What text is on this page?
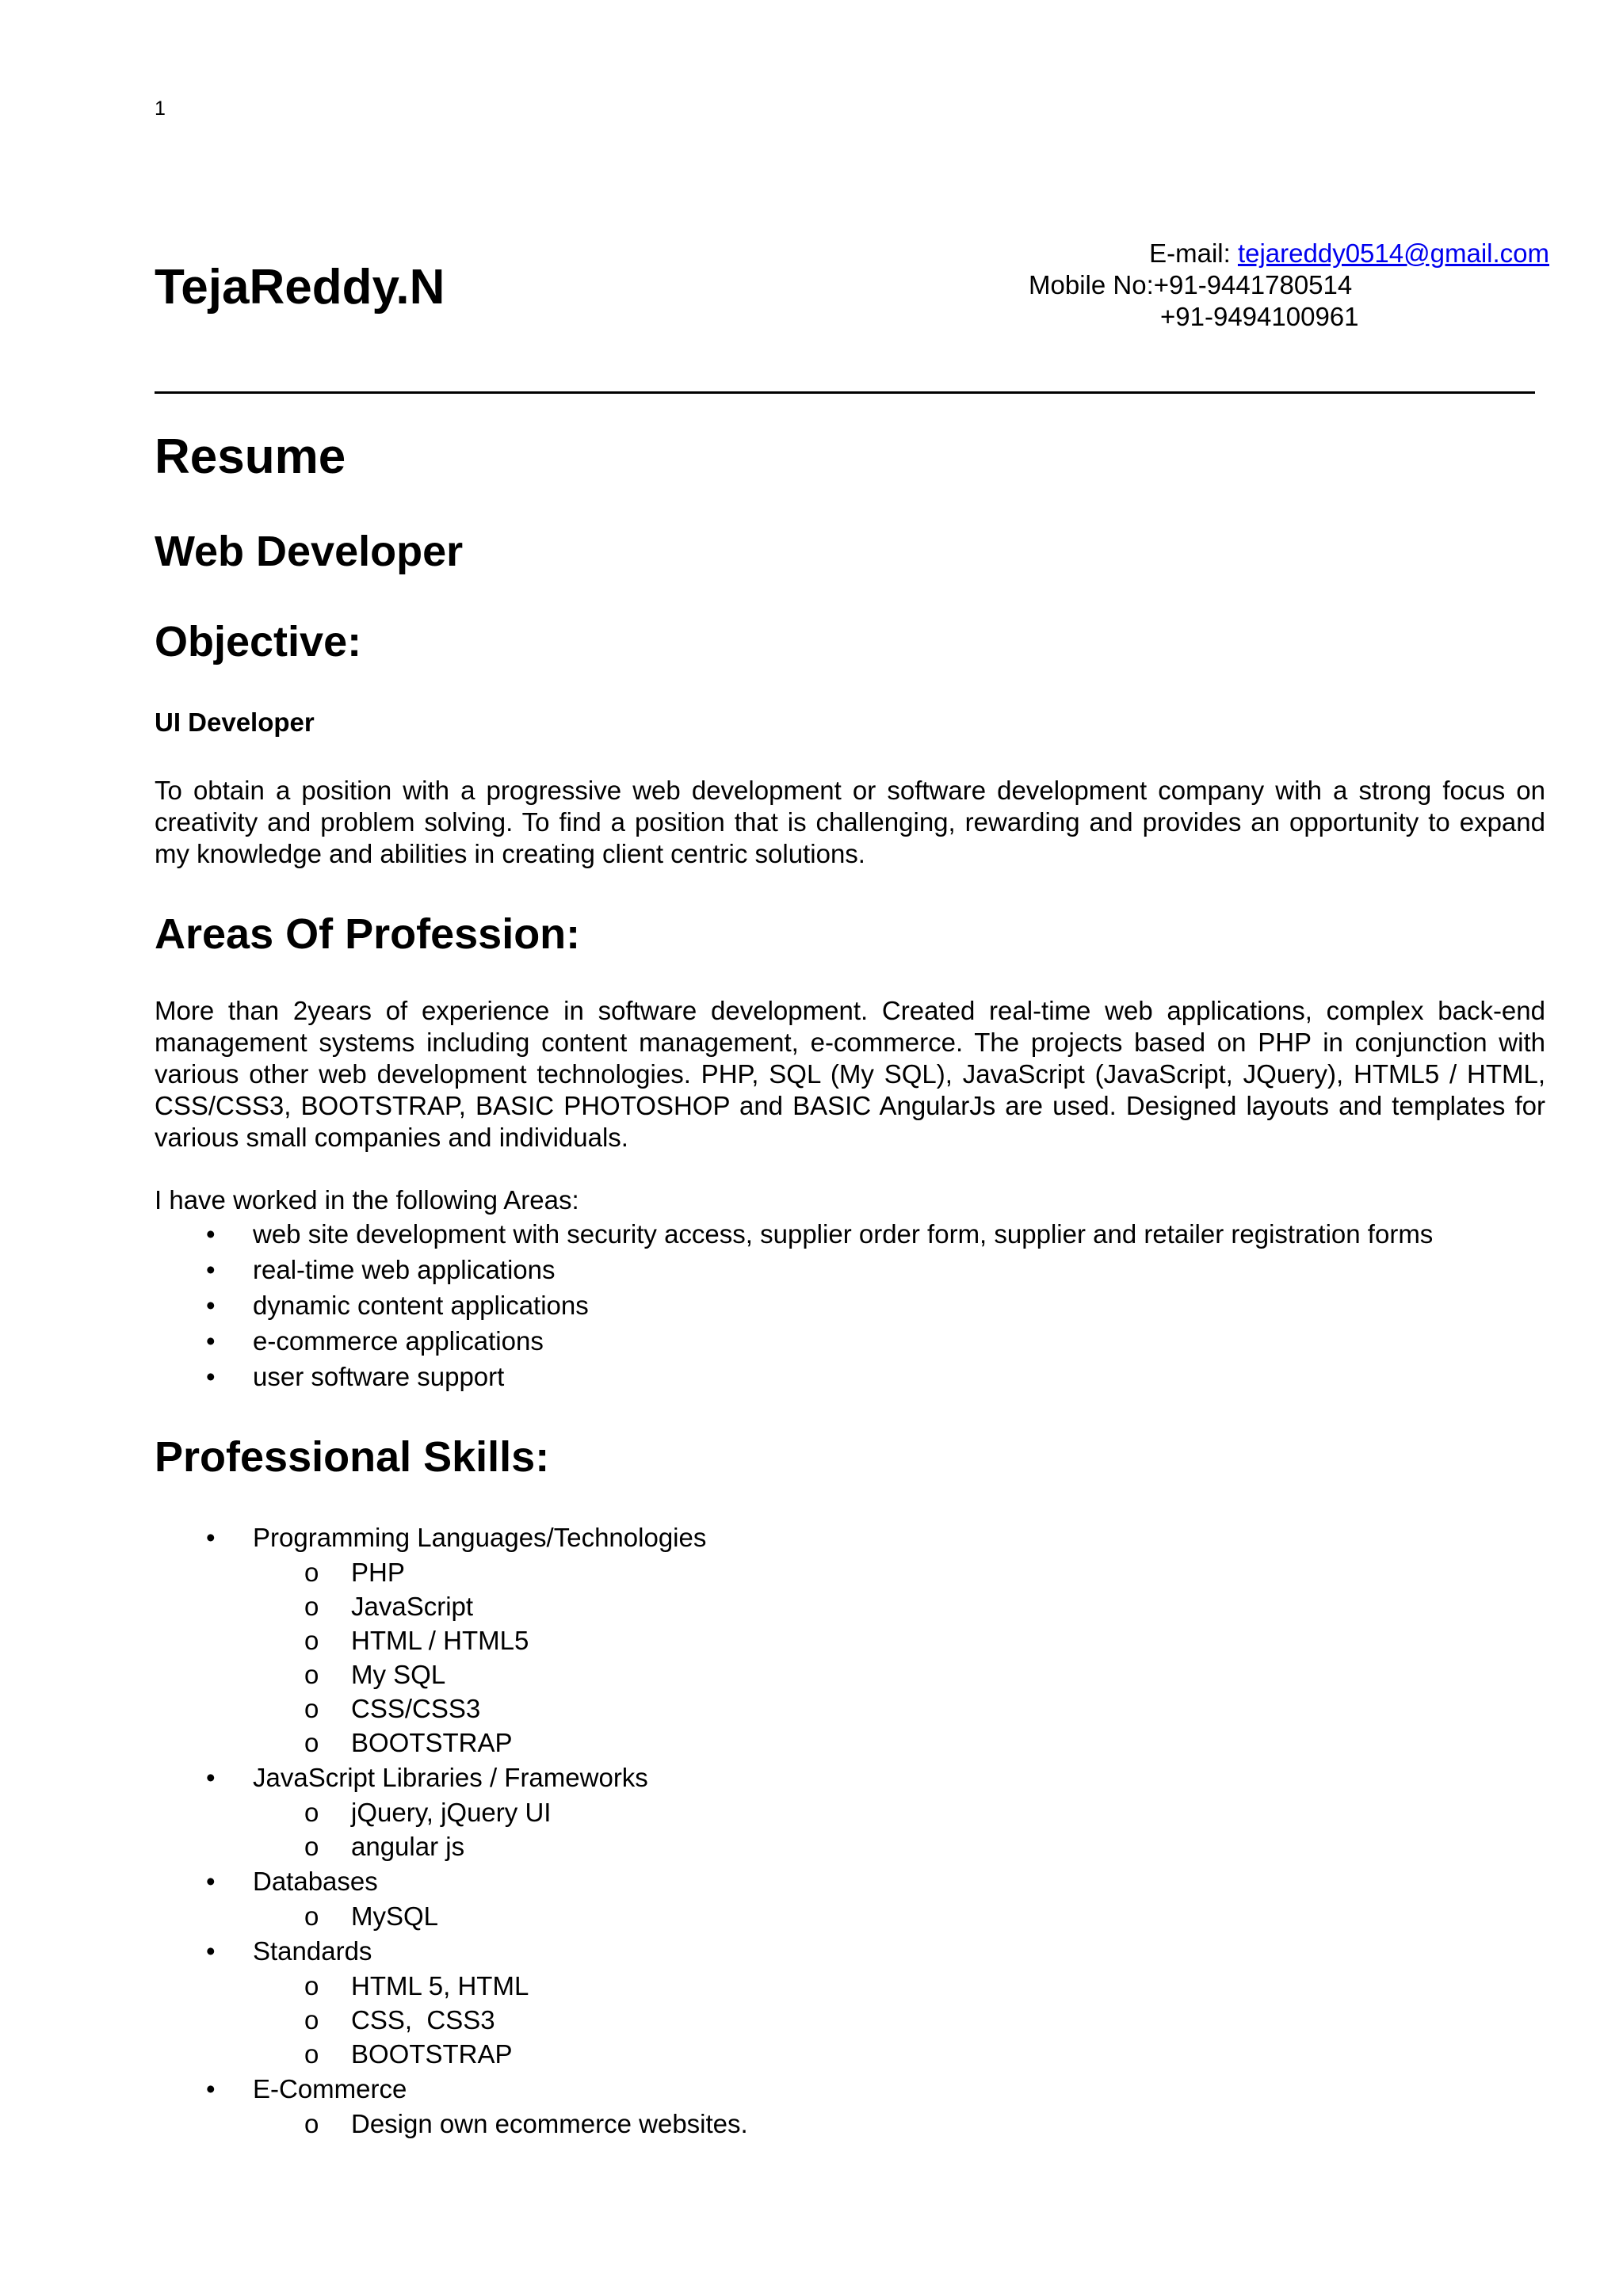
1
TejaReddy.N
E-mail: tejareddy0514@gmail.com
Mobile No:+91-9441780514
+91-9494100961
Resume
Web Developer
Objective:
UI Developer

To obtain a position with a progressive web development or software development company with a strong focus on creativity and problem solving. To find a position that is challenging, rewarding and provides an opportunity to expand my knowledge and abilities in creating client centric solutions.

Areas Of Profession:

More than 2years of experience in software development. Created real-time web applications, complex back-end management systems including content management, e-commerce. The projects based on PHP in conjunction with various other web development technologies. PHP, SQL (My SQL), JavaScript (JavaScript, JQuery), HTML5 / HTML, CSS/CSS3, BOOTSTRAP, BASIC PHOTOSHOP and BASIC AngularJs are used. Designed layouts and templates for various small companies and individuals.

I have worked in the following Areas:
• web site development with security access, supplier order form, supplier and retailer registration forms
• real-time web applications
• dynamic content applications
• e-commerce applications
• user software support
Professional Skills:
• Programming Languages/Technologies
o PHP
o JavaScript
o HTML / HTML5
o My SQL
o CSS/CSS3
o BOOTSTRAP
• JavaScript Libraries / Frameworks
o jQuery, jQuery UI
o angular js
• Databases
o MySQL
• Standards
o HTML 5, HTML
o CSS,  CSS3
o BOOTSTRAP
• E-Commerce
o Design own ecommerce websites.
